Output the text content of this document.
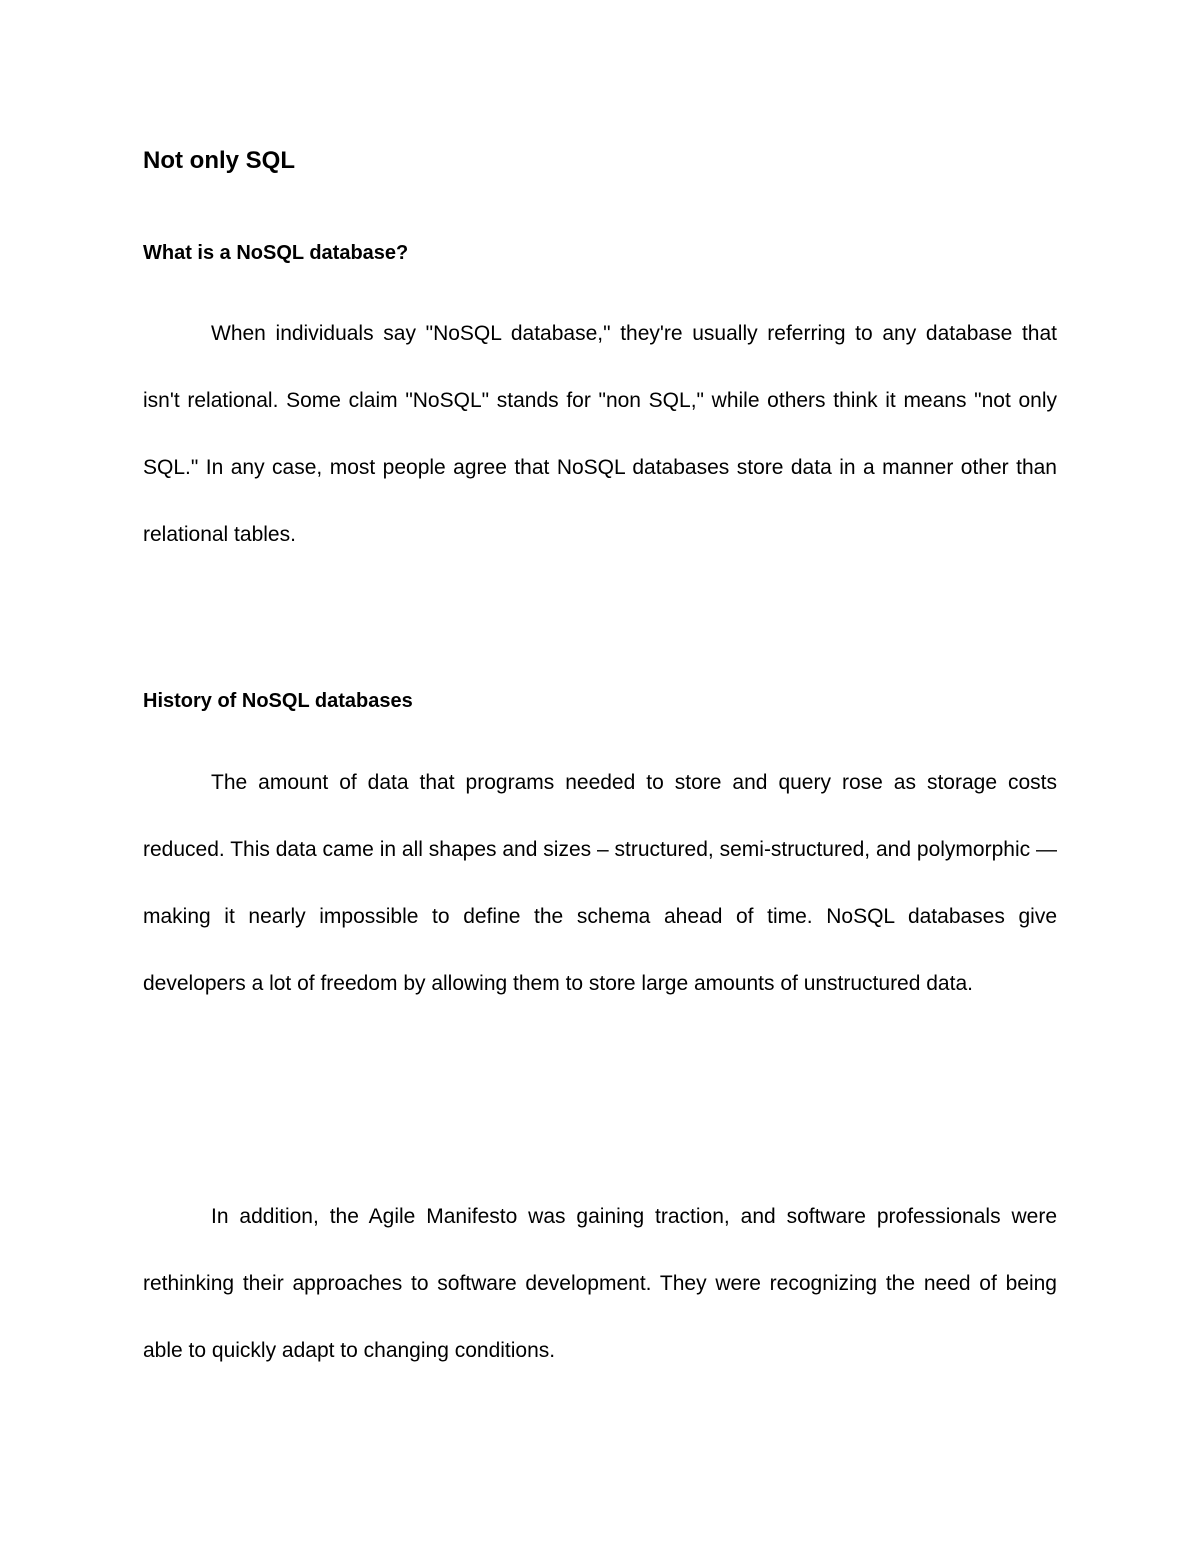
Not only SQL
What is a NoSQL database?

When individuals say "NoSQL database," they're usually referring to any database that isn't relational. Some claim "NoSQL" stands for "non SQL," while others think it means "not only SQL." In any case, most people agree that NoSQL databases store data in a manner other than relational tables.

History of NoSQL databases

The amount of data that programs needed to store and query rose as storage costs reduced. This data came in all shapes and sizes – structured, semi-structured, and polymorphic — making it nearly impossible to define the schema ahead of time. NoSQL databases give developers a lot of freedom by allowing them to store large amounts of unstructured data.

In addition, the Agile Manifesto was gaining traction, and software professionals were rethinking their approaches to software development. They were recognizing the need of being able to quickly adapt to changing conditions.
